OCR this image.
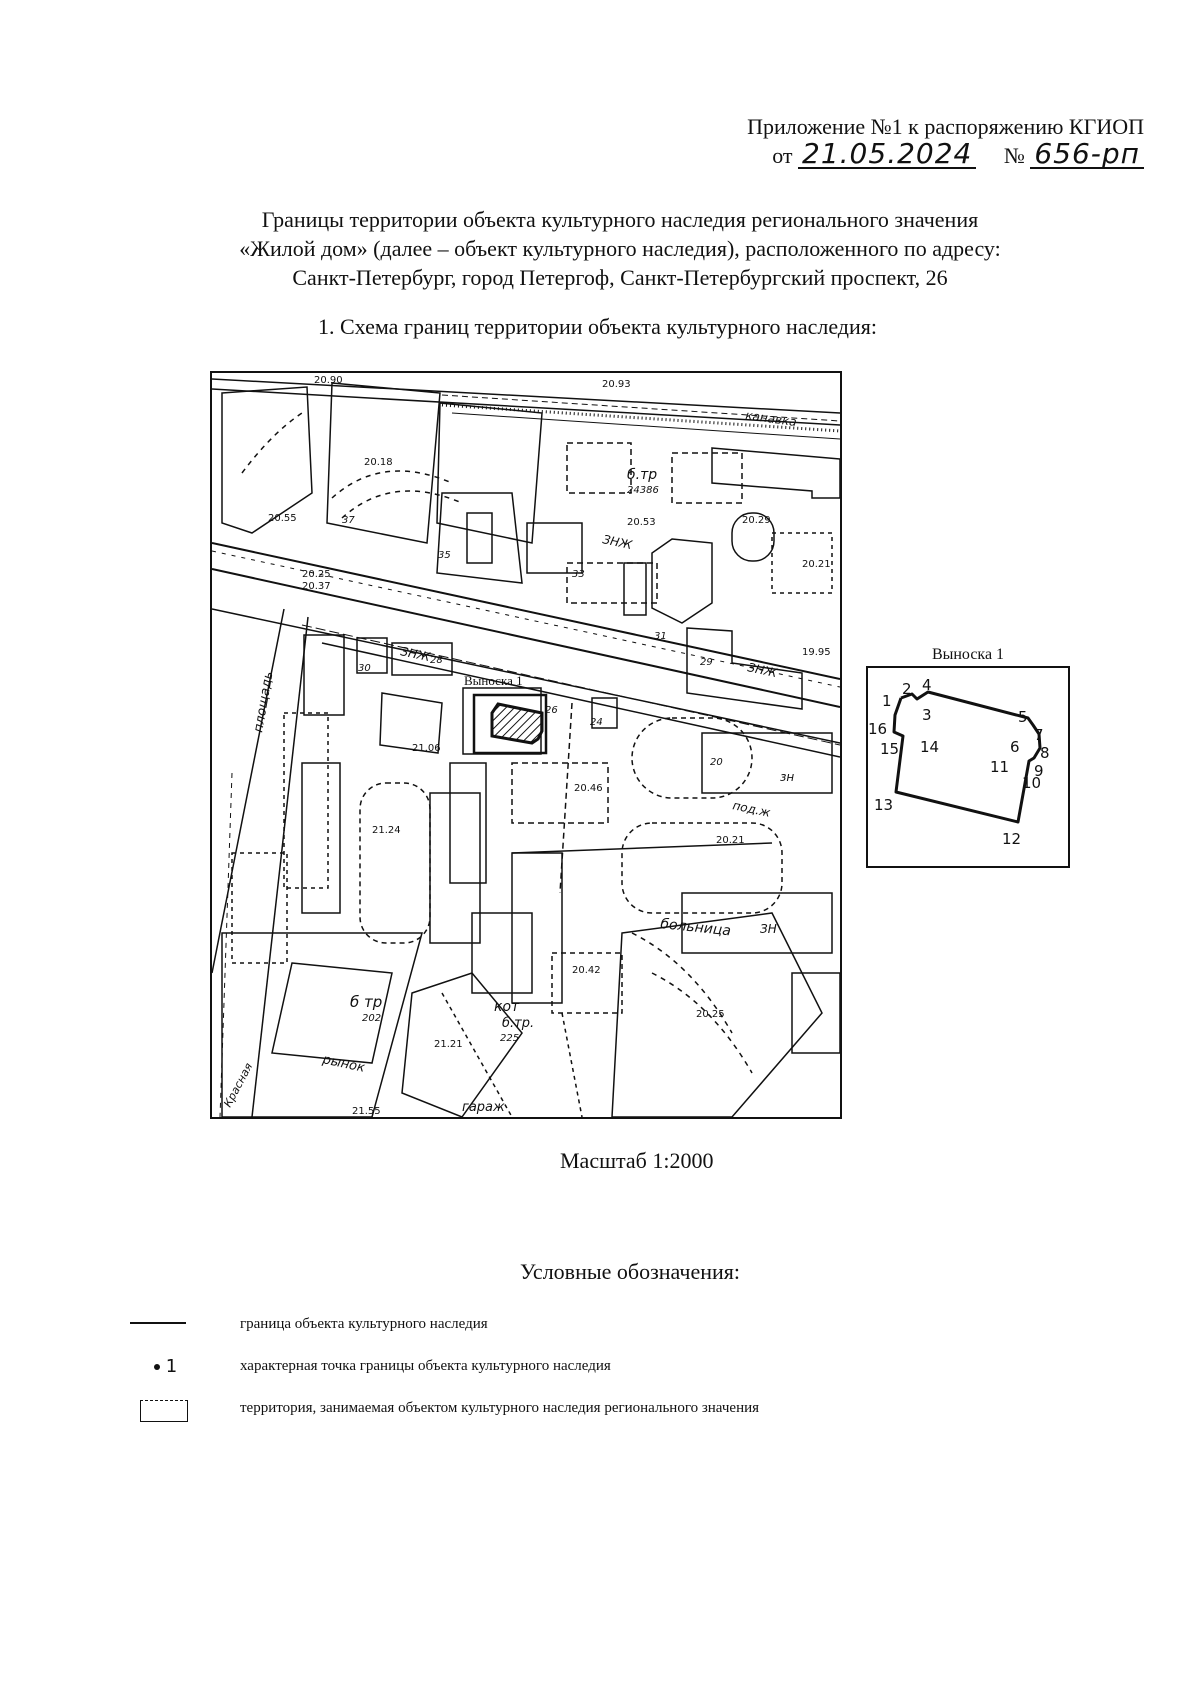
Приложение №1 к распоряжению КГИОП
от 21.05.2024 № 656-рп
Границы территории объекта культурного наследия регионального значения
«Жилой дом» (далее – объект культурного наследия), расположенного по адресу:
Санкт-Петербург, город Петергоф, Санкт-Петербургский проспект, 26
1. Схема границ территории объекта культурного наследия:
канавка
б.тр
24386
ЗНЖ
ЗНЖ
ЗНЖ
зн
ЗН
площадь	Выноска 1
больница
рынок
гараж
кот
б тр
б.тр.
под.ж
Красная
26
24
20
28
30
29
31
33
35
37
202
225
20.90	20.93
20.18
20.53	20.29
20.25
20.37
20.55
20.21
19.95
21.06
20.46
21.24
20.21
20.42
20.25
21.21
21.55
Выноска 1
1
2
3
4
5
6
7
8
9
10
11
12
13
14
15
16
Масштаб 1:2000
Условные обозначения:
граница объекта культурного наследия
1	характерная точка границы объекта культурного наследия
территория, занимаемая объектом культурного наследия регионального значения
